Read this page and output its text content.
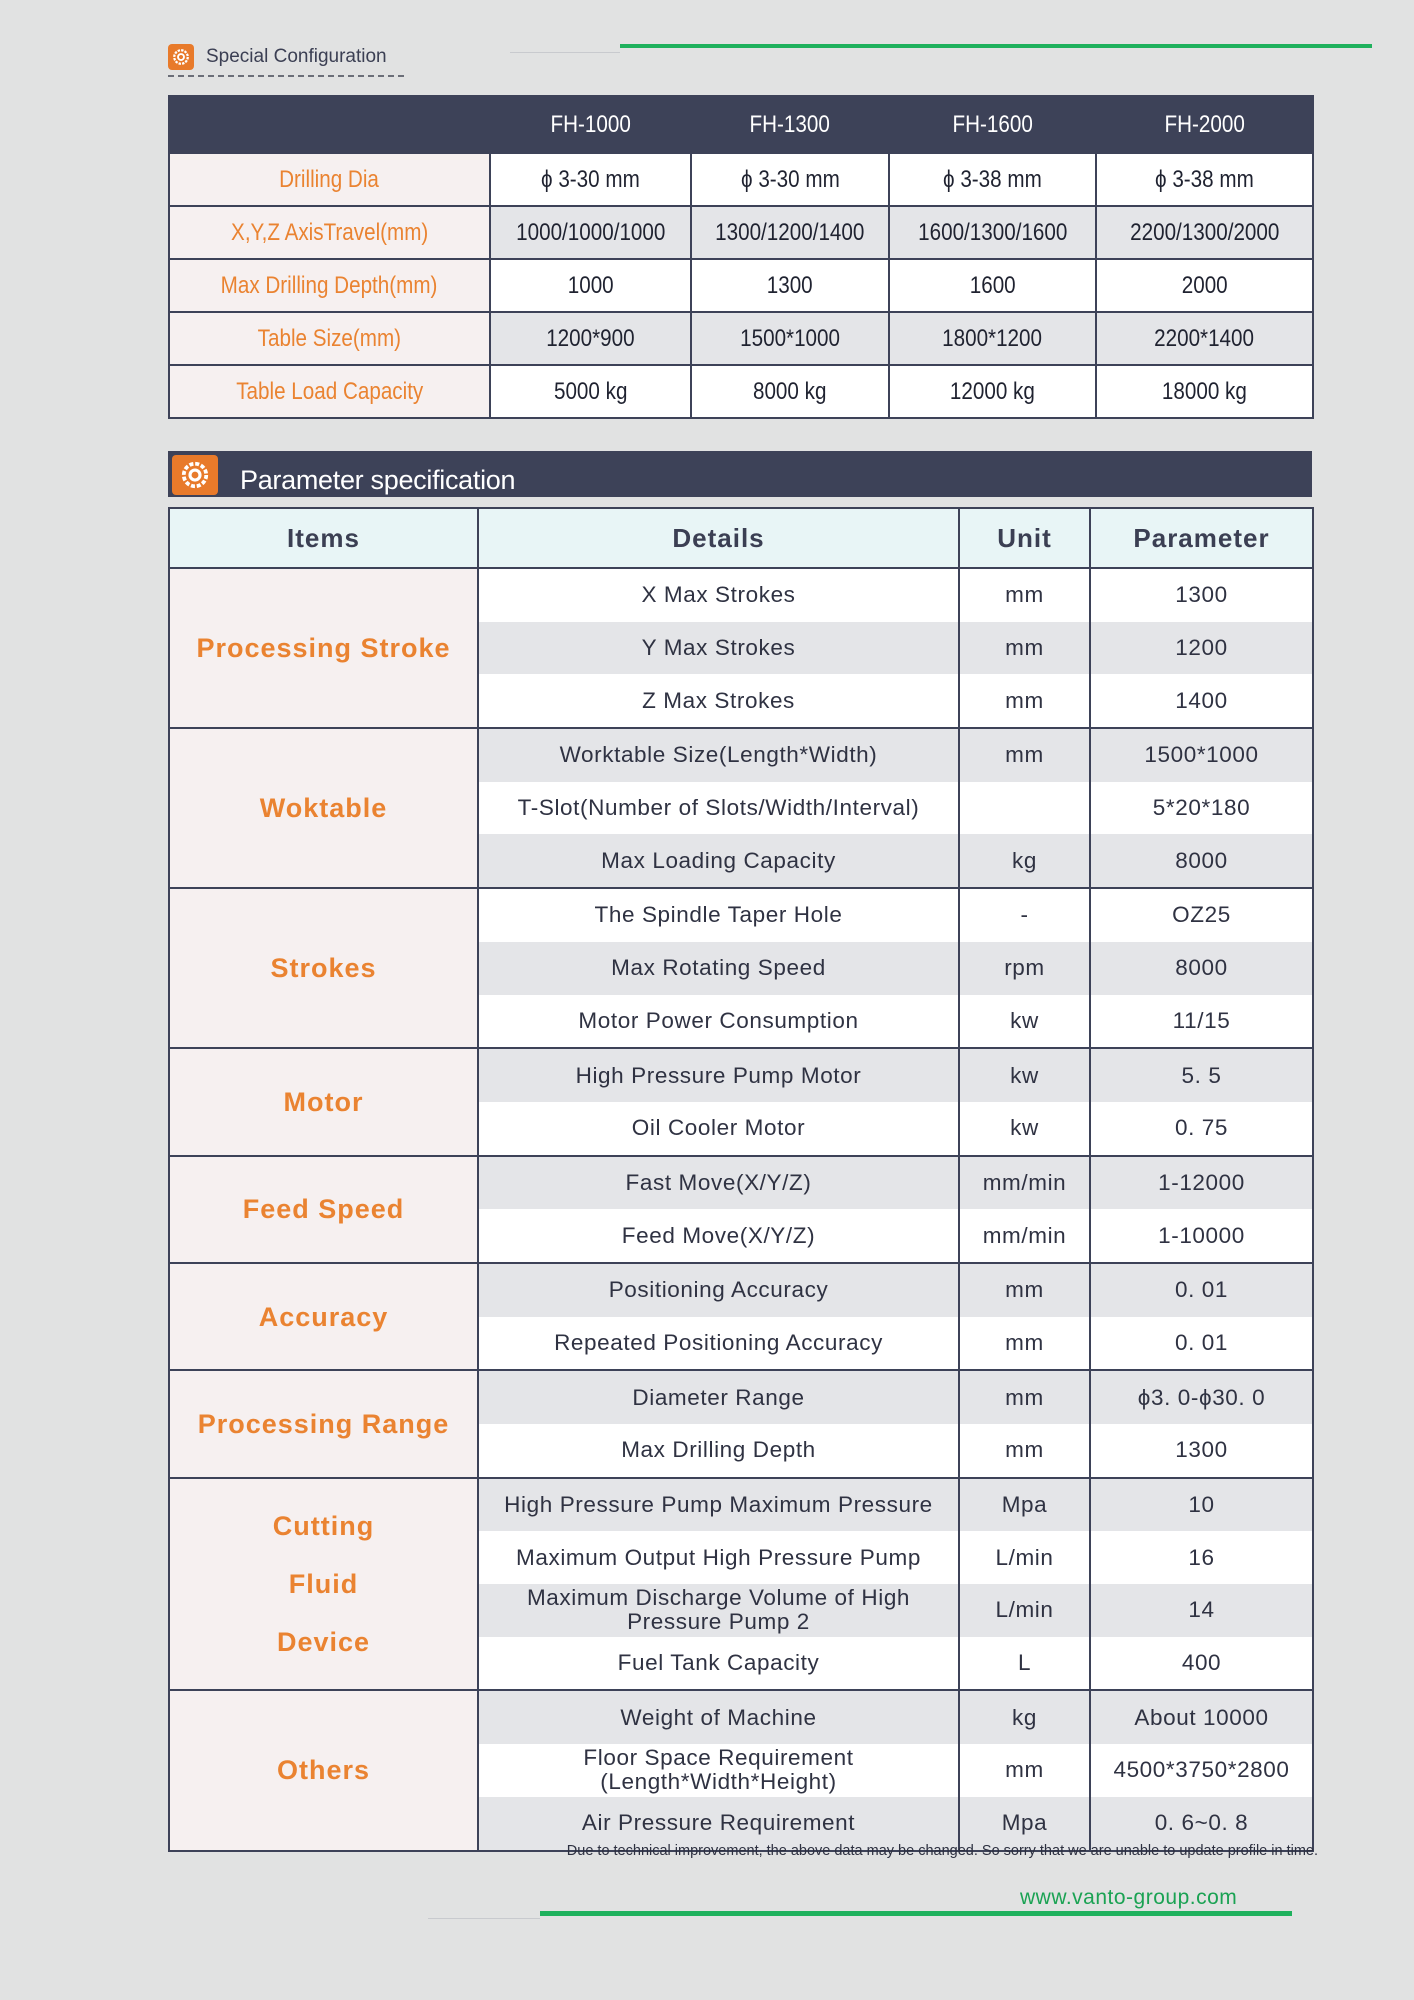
Special Configuration
	FH-1000	FH-1300	FH-1600	FH-2000
Drilling Dia	ϕ 3-30 mm	ϕ 3-30 mm	ϕ 3-38 mm	ϕ 3-38 mm
X,Y,Z AxisTravel(mm)	1000/1000/1000	1300/1200/1400	1600/1300/1600	2200/1300/2000
Max Drilling Depth(mm)	1000	1300	1600	2000
Table Size(mm)	1200*900	1500*1000	1800*1200	2200*1400
Table Load Capacity	5000 kg	8000 kg	12000 kg	18000 kg
Parameter specification
Items	Details	Unit	Parameter
Processing Stroke	X Max Strokes	mm	1300
	Y Max Strokes	mm	1200
	Z Max Strokes	mm	1400
Woktable	Worktable Size(Length*Width)	mm	1500*1000
	T-Slot(Number of Slots/Width/Interval)		5*20*180
	Max Loading Capacity	kg	8000
Strokes	The Spindle Taper Hole	-	OZ25
	Max Rotating Speed	rpm	8000
	Motor Power Consumption	kw	11/15
Motor	High Pressure Pump Motor	kw	5. 5
	Oil Cooler Motor	kw	0. 75
Feed Speed	Fast Move(X/Y/Z)	mm/min	1-12000
	Feed Move(X/Y/Z)	mm/min	1-10000
Accuracy	Positioning Accuracy	mm	0. 01
	Repeated Positioning Accuracy	mm	0. 01
Processing Range	Diameter Range	mm	ϕ3. 0-ϕ30. 0
	Max Drilling Depth	mm	1300
Cutting
Fluid
Device	High Pressure Pump Maximum Pressure	Mpa	10
	Maximum Output High Pressure Pump	L/min	16
	Maximum Discharge Volume of High Pressure Pump 2	L/min	14
	Fuel Tank Capacity	L	400
Others	Weight of Machine	kg	About 10000
	Floor Space Requirement (Length*Width*Height)	mm	4500*3750*2800
	Air Pressure Requirement	Mpa	0. 6~0. 8
Due to technical improvement, the above data may be changed. So sorry that we are unable to update profile in time.
www.vanto-group.com
